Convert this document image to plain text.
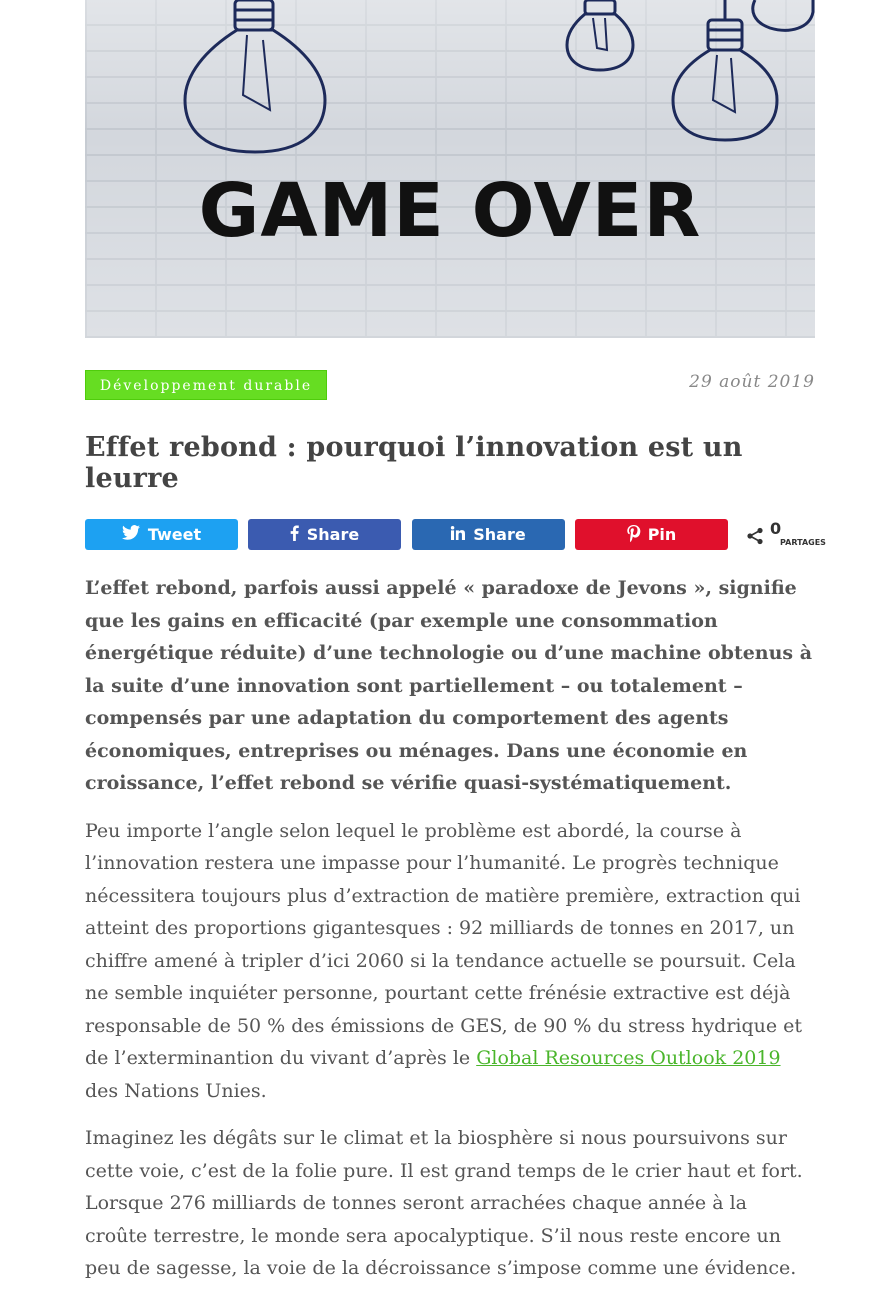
GAME OVER
Développement durable	29 août 2019
Effet rebond : pourquoi l’innovation est un leurre
Tweet	Share	Share	Pin	0
PARTAGES

L’effet rebond, parfois aussi appelé « paradoxe de Jevons », signifie que les gains en efficacité (par exemple une consommation énergétique réduite) d’une technologie ou d’une machine obtenus à la suite d’une innovation sont partiellement – ou totalement – compensés par une adaptation du comportement des agents économiques, entreprises ou ménages. Dans une économie en croissance, l’effet rebond se vérifie quasi-systématiquement.

Peu importe l’angle selon lequel le problème est abordé, la course à l’innovation restera une impasse pour l’humanité. Le progrès technique nécessitera toujours plus d’extraction de matière première, extraction qui atteint des proportions gigantesques : 92 milliards de tonnes en 2017, un chiffre amené à tripler d’ici 2060 si la tendance actuelle se poursuit. Cela ne semble inquiéter personne, pourtant cette frénésie extractive est déjà responsable de 50 % des émissions de GES, de 90 % du stress hydrique et de l’exterminantion du vivant d’après le Global Resources Outlook 2019 des Nations Unies.

Imaginez les dégâts sur le climat et la biosphère si nous poursuivons sur cette voie, c’est de la folie pure. Il est grand temps de le crier haut et fort. Lorsque 276 milliards de tonnes seront arrachées chaque année à la croûte terrestre, le monde sera apocalyptique. S’il nous reste encore un peu de sagesse, la voie de la décroissance s’impose comme une évidence.
